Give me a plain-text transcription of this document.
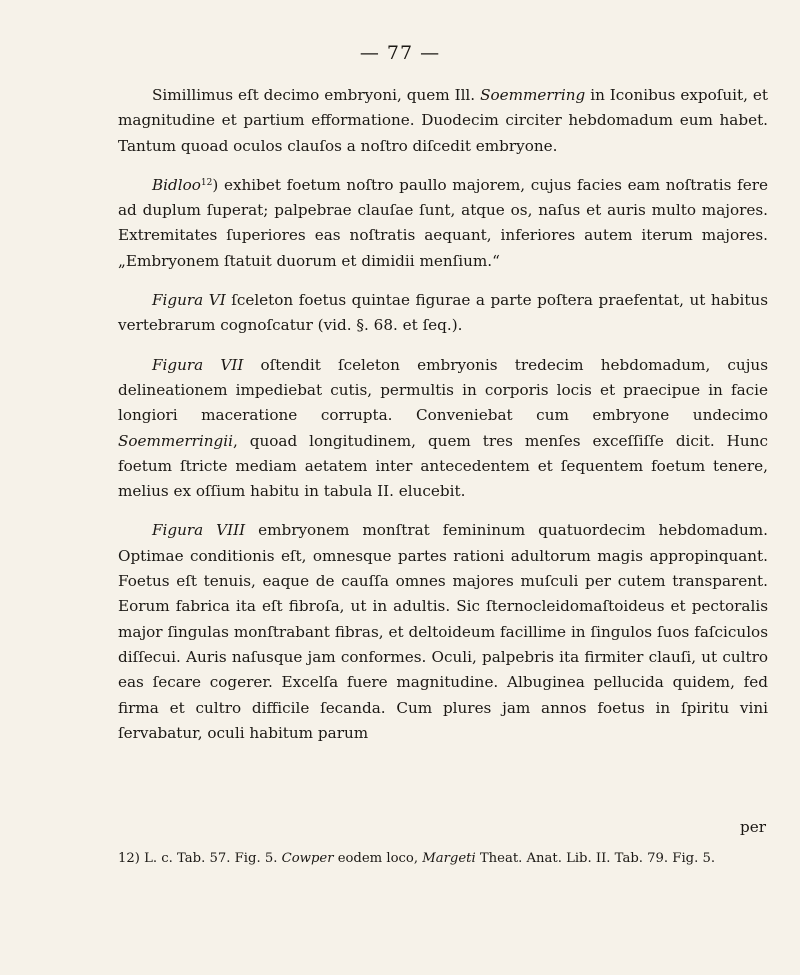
— 77 —

Simillimus eſt decimo embryoni, quem Ill. Soemmerring in Iconibus expoſuit, et magnitudine et partium efformatione. Duodecim circiter hebdomadum eum habet. Tantum quoad oculos clauſos a noſtro diſcedit embryone.

Bidloo$^{12}$) exhibet foetum noſtro paullo majorem, cujus facies eam noſtratis fere ad duplum ſuperat; palpebrae clauſae ſunt, atque os, naſus et auris multo majores. Extremitates ſuperiores eas noſtratis aequant, inferiores autem iterum majores. „Embryonem ſtatuit duorum et dimidii menſium.“

Figura VI ſceleton foetus quintae figurae a parte poſtera praefentat, ut habitus vertebrarum cognoſcatur (vid. §. 68. et ſeq.).

Figura VII oſtendit ſceleton embryonis tredecim hebdomadum, cujus delineationem impediebat cutis, permultis in corporis locis et praecipue in facie longiori maceratione corrupta. Conveniebat cum embryone undecimo Soemmerringii, quoad longitudinem, quem tres menſes exceſſiſſe dicit. Hunc foetum ſtricte mediam aetatem inter antecedentem et ſequentem foetum tenere, melius ex oſſium habitu in tabula II. elucebit.

Figura VIII embryonem monſtrat femininum quatuordecim hebdomadum. Optimae conditionis eſt, omnesque partes rationi adultorum magis appropinquant. Foetus eſt tenuis, eaque de cauſſa omnes majores muſculi per cutem transparent. Eorum fabrica ita eſt fibroſa, ut in adultis. Sic ſternocleidomaſtoideus et pectoralis major ſingulas monſtrabant fibras, et deltoideum facillime in ſingulos ſuos faſciculos diſſecui. Auris naſusque jam conformes. Oculi, palpebris ita firmiter clauſi, ut cultro eas ſecare cogerer. Excelſa fuere magnitudine. Albuginea pellucida quidem, fed firma et cultro difficile ſecanda. Cum plures jam annos foetus in ſpiritu vini ſervabatur, oculi habitum parum

per
12) L. c. Tab. 57. Fig. 5. Cowper eodem loco, Margeti Theat. Anat. Lib. II. Tab. 79. Fig. 5.
